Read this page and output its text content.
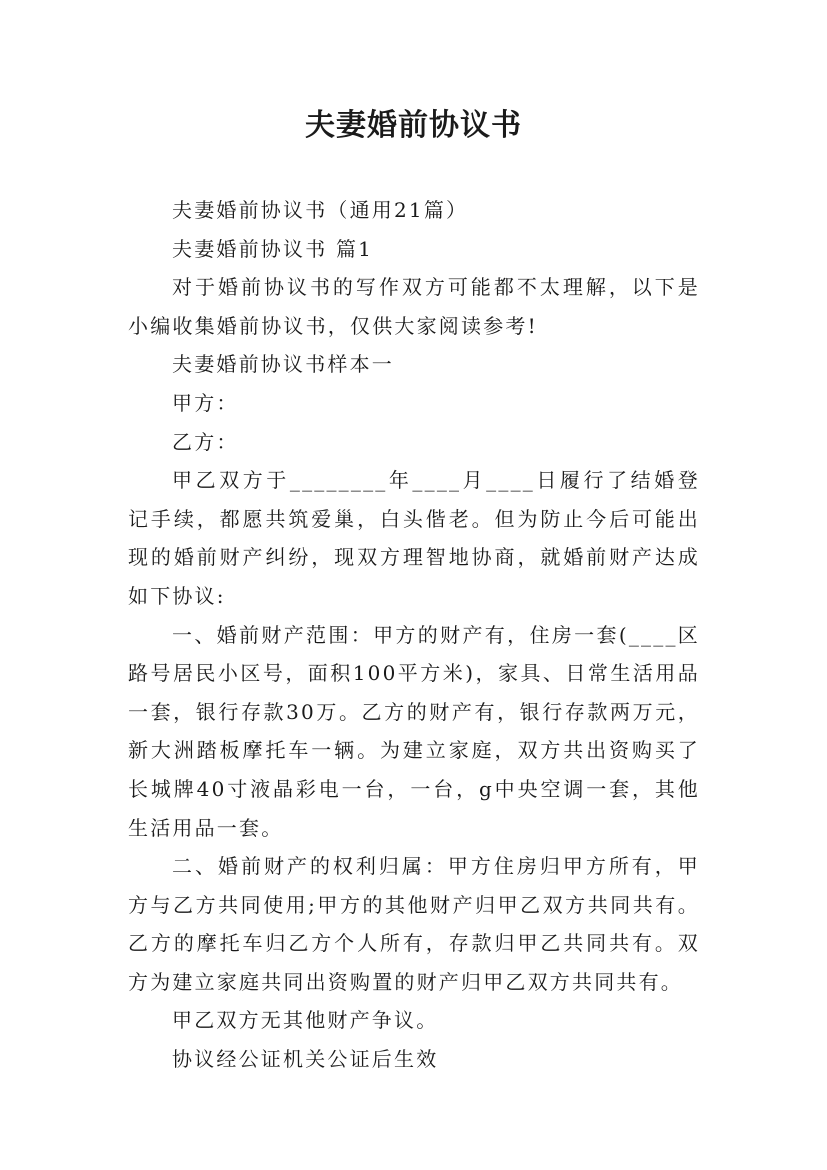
夫妻婚前协议书

夫妻婚前协议书（通用21篇）

夫妻婚前协议书 篇1

对于婚前协议书的写作双方可能都不太理解，以下是小编收集婚前协议书，仅供大家阅读参考!

夫妻婚前协议书样本一

甲方：

乙方：

甲乙双方于________年____月____日履行了结婚登记手续，都愿共筑爱巢，白头偕老。但为防止今后可能出现的婚前财产纠纷，现双方理智地协商，就婚前财产达成如下协议:

一、婚前财产范围：甲方的财产有，住房一套(____区路号居民小区号，面积100平方米)，家具、日常生活用品一套，银行存款30万。乙方的财产有，银行存款两万元，新大洲踏板摩托车一辆。为建立家庭，双方共出资购买了长城牌40寸液晶彩电一台，一台，g中央空调一套，其他生活用品一套。

二、婚前财产的权利归属：甲方住房归甲方所有，甲方与乙方共同使用;甲方的其他财产归甲乙双方共同共有。乙方的摩托车归乙方个人所有，存款归甲乙共同共有。双方为建立家庭共同出资购置的财产归甲乙双方共同共有。

甲乙双方无其他财产争议。

协议经公证机关公证后生效
